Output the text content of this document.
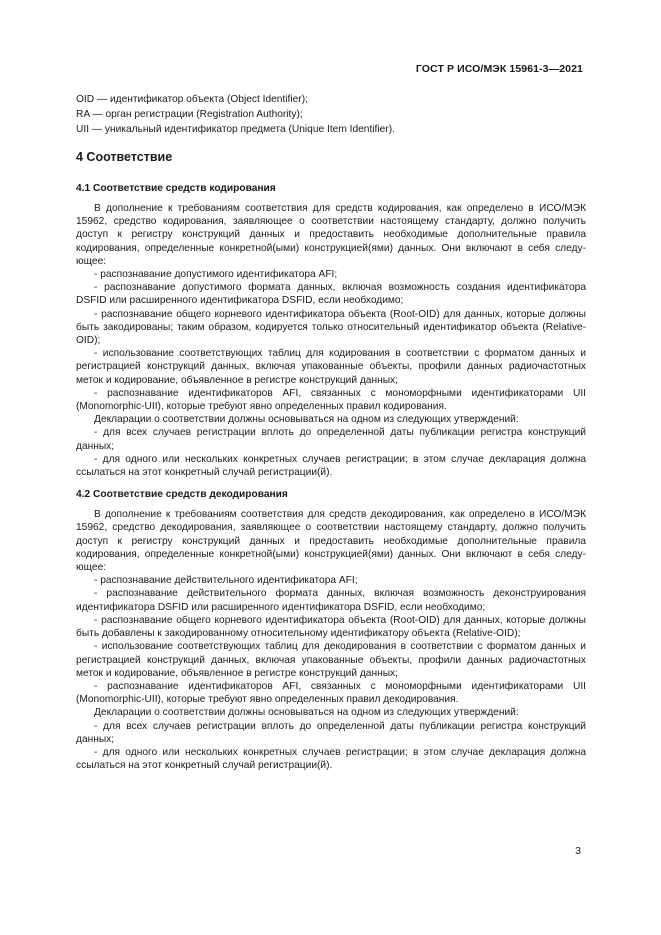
ГОСТ Р ИСО/МЭК 15961-3—2021

OID — идентификатор объекта (Object Identifier);

RA — орган регистрации (Registration Authority);

UII — уникальный идентификатор предмета (Unique Item Identifier).

4 Соответствие
4.1 Соответствие средств кодирования

В дополнение к требованиям соответствия для средств кодирования, как определено в ИСО/МЭК 15962, средство кодирования, заявляющее о соответствии настоящему стандарту, должно получить доступ к регистру конструкций данных и предоставить необходимые дополнительные правила кодирования, определенные конкретной(ыми) конструкцией(ями) данных. Они включают в себя следующее:

- распознавание допустимого идентификатора AFI;

- распознавание допустимого формата данных, включая возможность создания идентификатора DSFID или расширенного идентификатора DSFID, если необходимо;

- распознавание общего корневого идентификатора объекта (Root-OID) для данных, которые должны быть закодированы; таким образом, кодируется только относительный идентификатор объекта (Relative-OID);

- использование соответствующих таблиц для кодирования в соответствии с форматом данных и регистрацией конструкций данных, включая упакованные объекты, профили данных радиочастотных меток и кодирование, объявленное в регистре конструкций данных;

- распознавание идентификаторов AFI, связанных с мономорфными идентификаторами UII (Monomorphic-UII), которые требуют явно определенных правил кодирования.

Декларации о соответствии должны основываться на одном из следующих утверждений:

- для всех случаев регистрации вплоть до определенной даты публикации регистра конструкций данных;

- для одного или нескольких конкретных случаев регистрации; в этом случае декларация должна ссылаться на этот конкретный случай регистрации(й).

4.2 Соответствие средств декодирования

В дополнение к требованиям соответствия для средств декодирования, как определено в ИСО/МЭК 15962, средство декодирования, заявляющее о соответствии настоящему стандарту, должно получить доступ к регистру конструкций данных и предоставить необходимые дополнительные правила кодирования, определенные конкретной(ыми) конструкцией(ями) данных. Они включают в себя следующее:

- распознавание действительного идентификатора AFI;

- распознавание действительного формата данных, включая возможность деконструирования идентификатора DSFID или расширенного идентификатора DSFID, если необходимо;

- распознавание общего корневого идентификатора объекта (Root-OID) для данных, которые должны быть добавлены к закодированному относительному идентификатору объекта (Relative-OID);

- использование соответствующих таблиц для декодирования в соответствии с форматом данных и регистрацией конструкций данных, включая упакованные объекты, профили данных радиочастотных меток и кодирование, объявленное в регистре конструкций данных;

- распознавание идентификаторов AFI, связанных с мономорфными идентификаторами UII (Monomorphic-UII), которые требуют явно определенных правил декодирования.

Декларации о соответствии должны основываться на одном из следующих утверждений:

- для всех случаев регистрации вплоть до определенной даты публикации регистра конструкций данных;

- для одного или нескольких конкретных случаев регистрации; в этом случае декларация должна ссылаться на этот конкретный случай регистрации(й).

3
